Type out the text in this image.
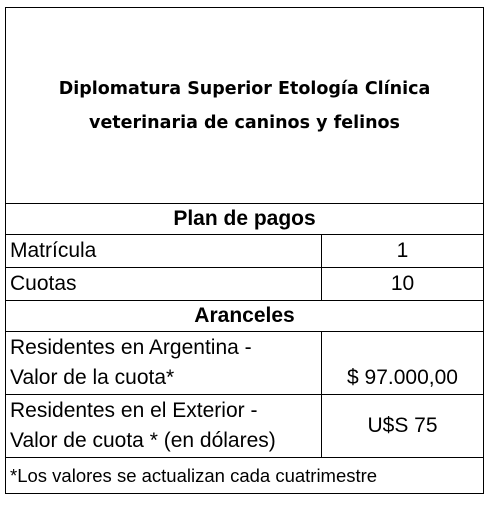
Diplomatura Superior Etología Clínica
veterinaria de caninos y felinos	

Plan de pagos	
Matrícula	1
Cuotas	10
Aranceles	

Residentes en Argentina -
Valor de la cuota*	$ 97.000,00

Residentes en el Exterior -
Valor de cuota * (en dólares)	U$S 75
*Los valores se actualizan cada cuatrimestre	
